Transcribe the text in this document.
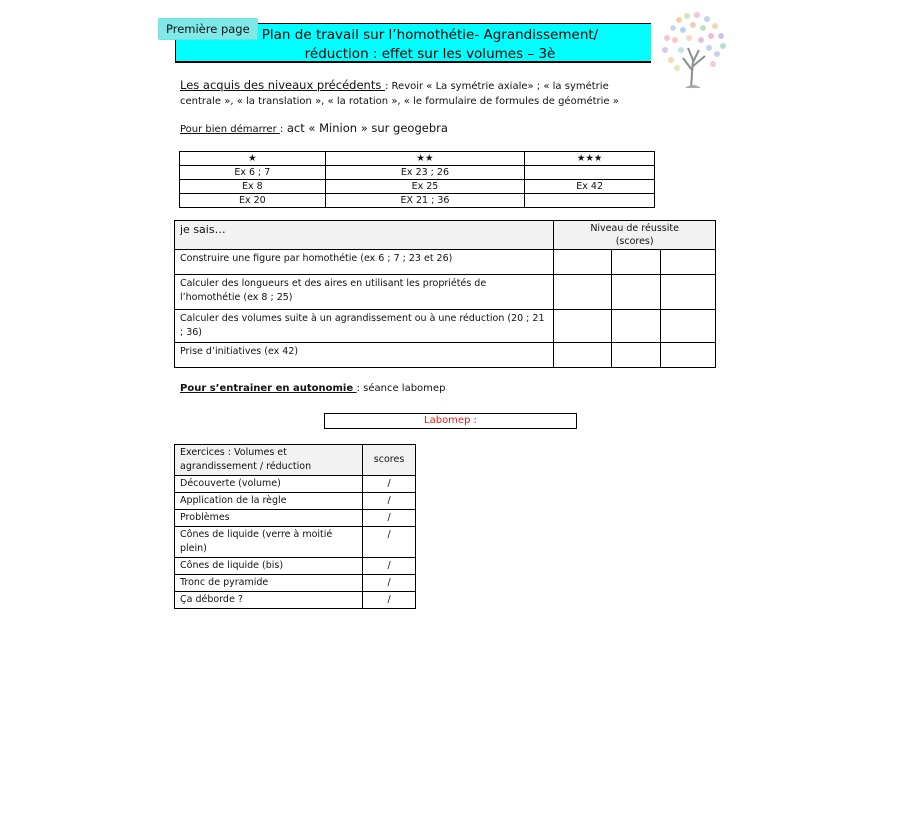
Plan de travail sur l’homothétie- Agrandissement/
réduction : effet sur les volumes – 3è
Première page
Les acquis des niveaux précédents : Revoir « La symétrie axiale» ; « la symétrie centrale », « la translation », « la rotation », « le formulaire de formules de géométrie »
Pour bien démarrer : act « Minion » sur geogebra
★	★★	★★★
Ex 6 ; 7	Ex 23 ; 26	
Ex 8	Ex 25	Ex 42
Ex 20	EX 21 ; 36	
je sais…	Niveau de réussite
(scores)		

Construire une figure par homothétie (ex 6 ; 7 ; 23 et 26)			
Calculer des longueurs et des aires en utilisant les propriétés de l’homothétie (ex 8 ; 25)			
Calculer des volumes suite à un agrandissement ou à une réduction (20 ; 21 ; 36)			
Prise d’initiatives (ex 42)			
Pour s’entrainer en autonomie : séance labomep
Labomep :
Exercices : Volumes et agrandissement / réduction	scores
Découverte (volume)	/
Application de la règle	/
Problèmes	/
Cônes de liquide (verre à moitié plein)	/
Cônes de liquide (bis)	/
Tronc de pyramide	/
Ça déborde ?	/
